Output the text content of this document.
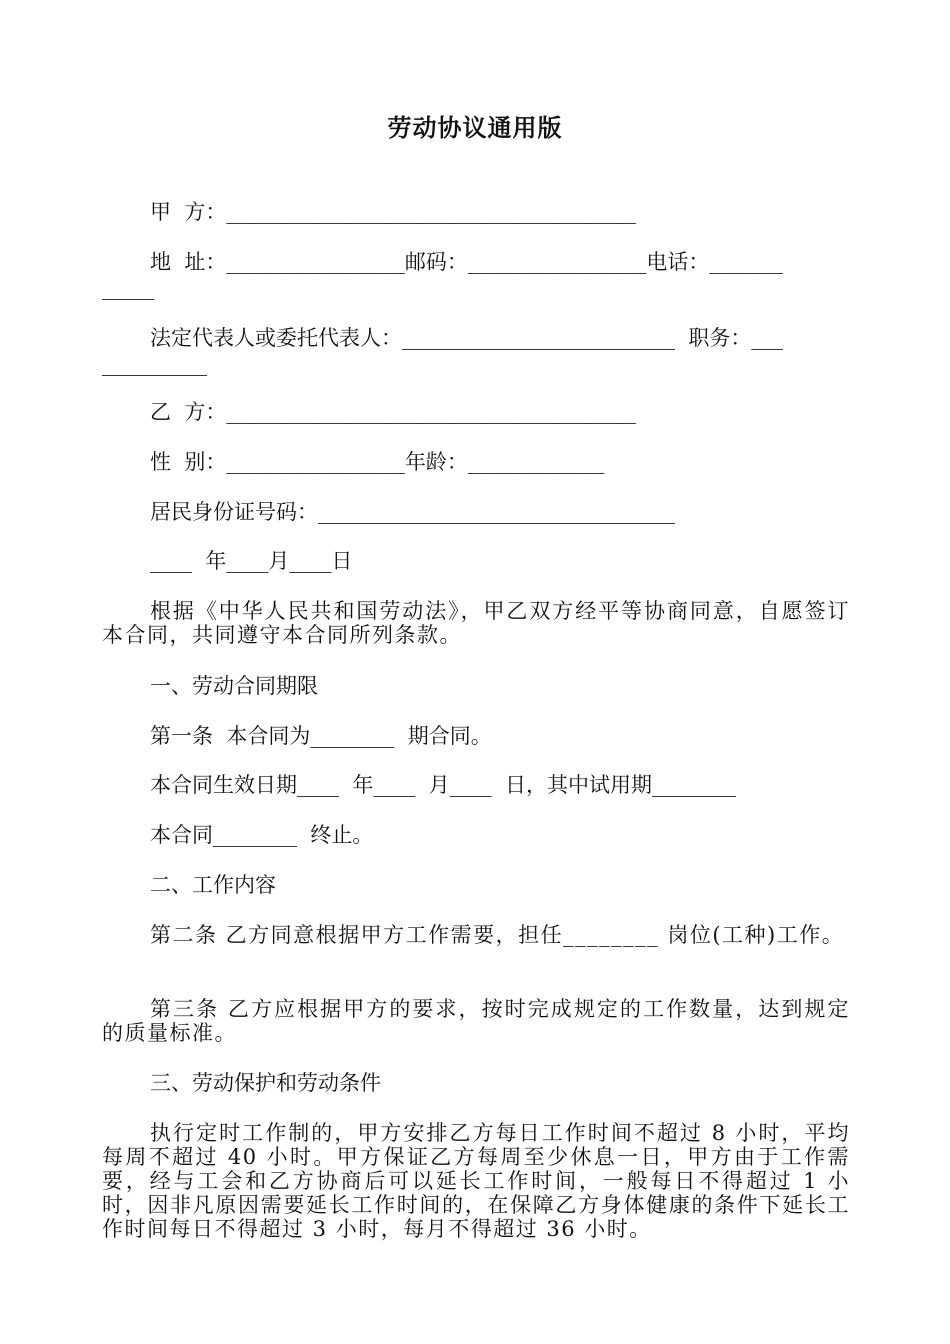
劳动协议通用版

甲  方：_______________________________________

地  址：_________________邮码：_________________电话：_______

_____

法定代表人或委托代表人：__________________________  职务：___

__________

乙  方：_______________________________________

性  别：_________________年龄：_____________

居民身份证号码：__________________________________

____  年____月____日

根据《中华人民共和国劳动法》，甲乙双方经平等协商同意，自愿签订本合同，共同遵守本合同所列条款。

一、劳动合同期限

第一条  本合同为________  期合同。

本合同生效日期____  年____  月____  日，其中试用期________

本合同________  终止。

二、工作内容

第二条 乙方同意根据甲方工作需要，担任________ 岗位(工种)工作。

第三条 乙方应根据甲方的要求，按时完成规定的工作数量，达到规定的质量标准。

三、劳动保护和劳动条件

执行定时工作制的，甲方安排乙方每日工作时间不超过 8 小时，平均每周不超过 40 小时。甲方保证乙方每周至少休息一日，甲方由于工作需要，经与工会和乙方协商后可以延长工作时间，一般每日不得超过 1 小时，因非凡原因需要延长工作时间的，在保障乙方身体健康的条件下延长工作时间每日不得超过 3 小时，每月不得超过 36 小时。
